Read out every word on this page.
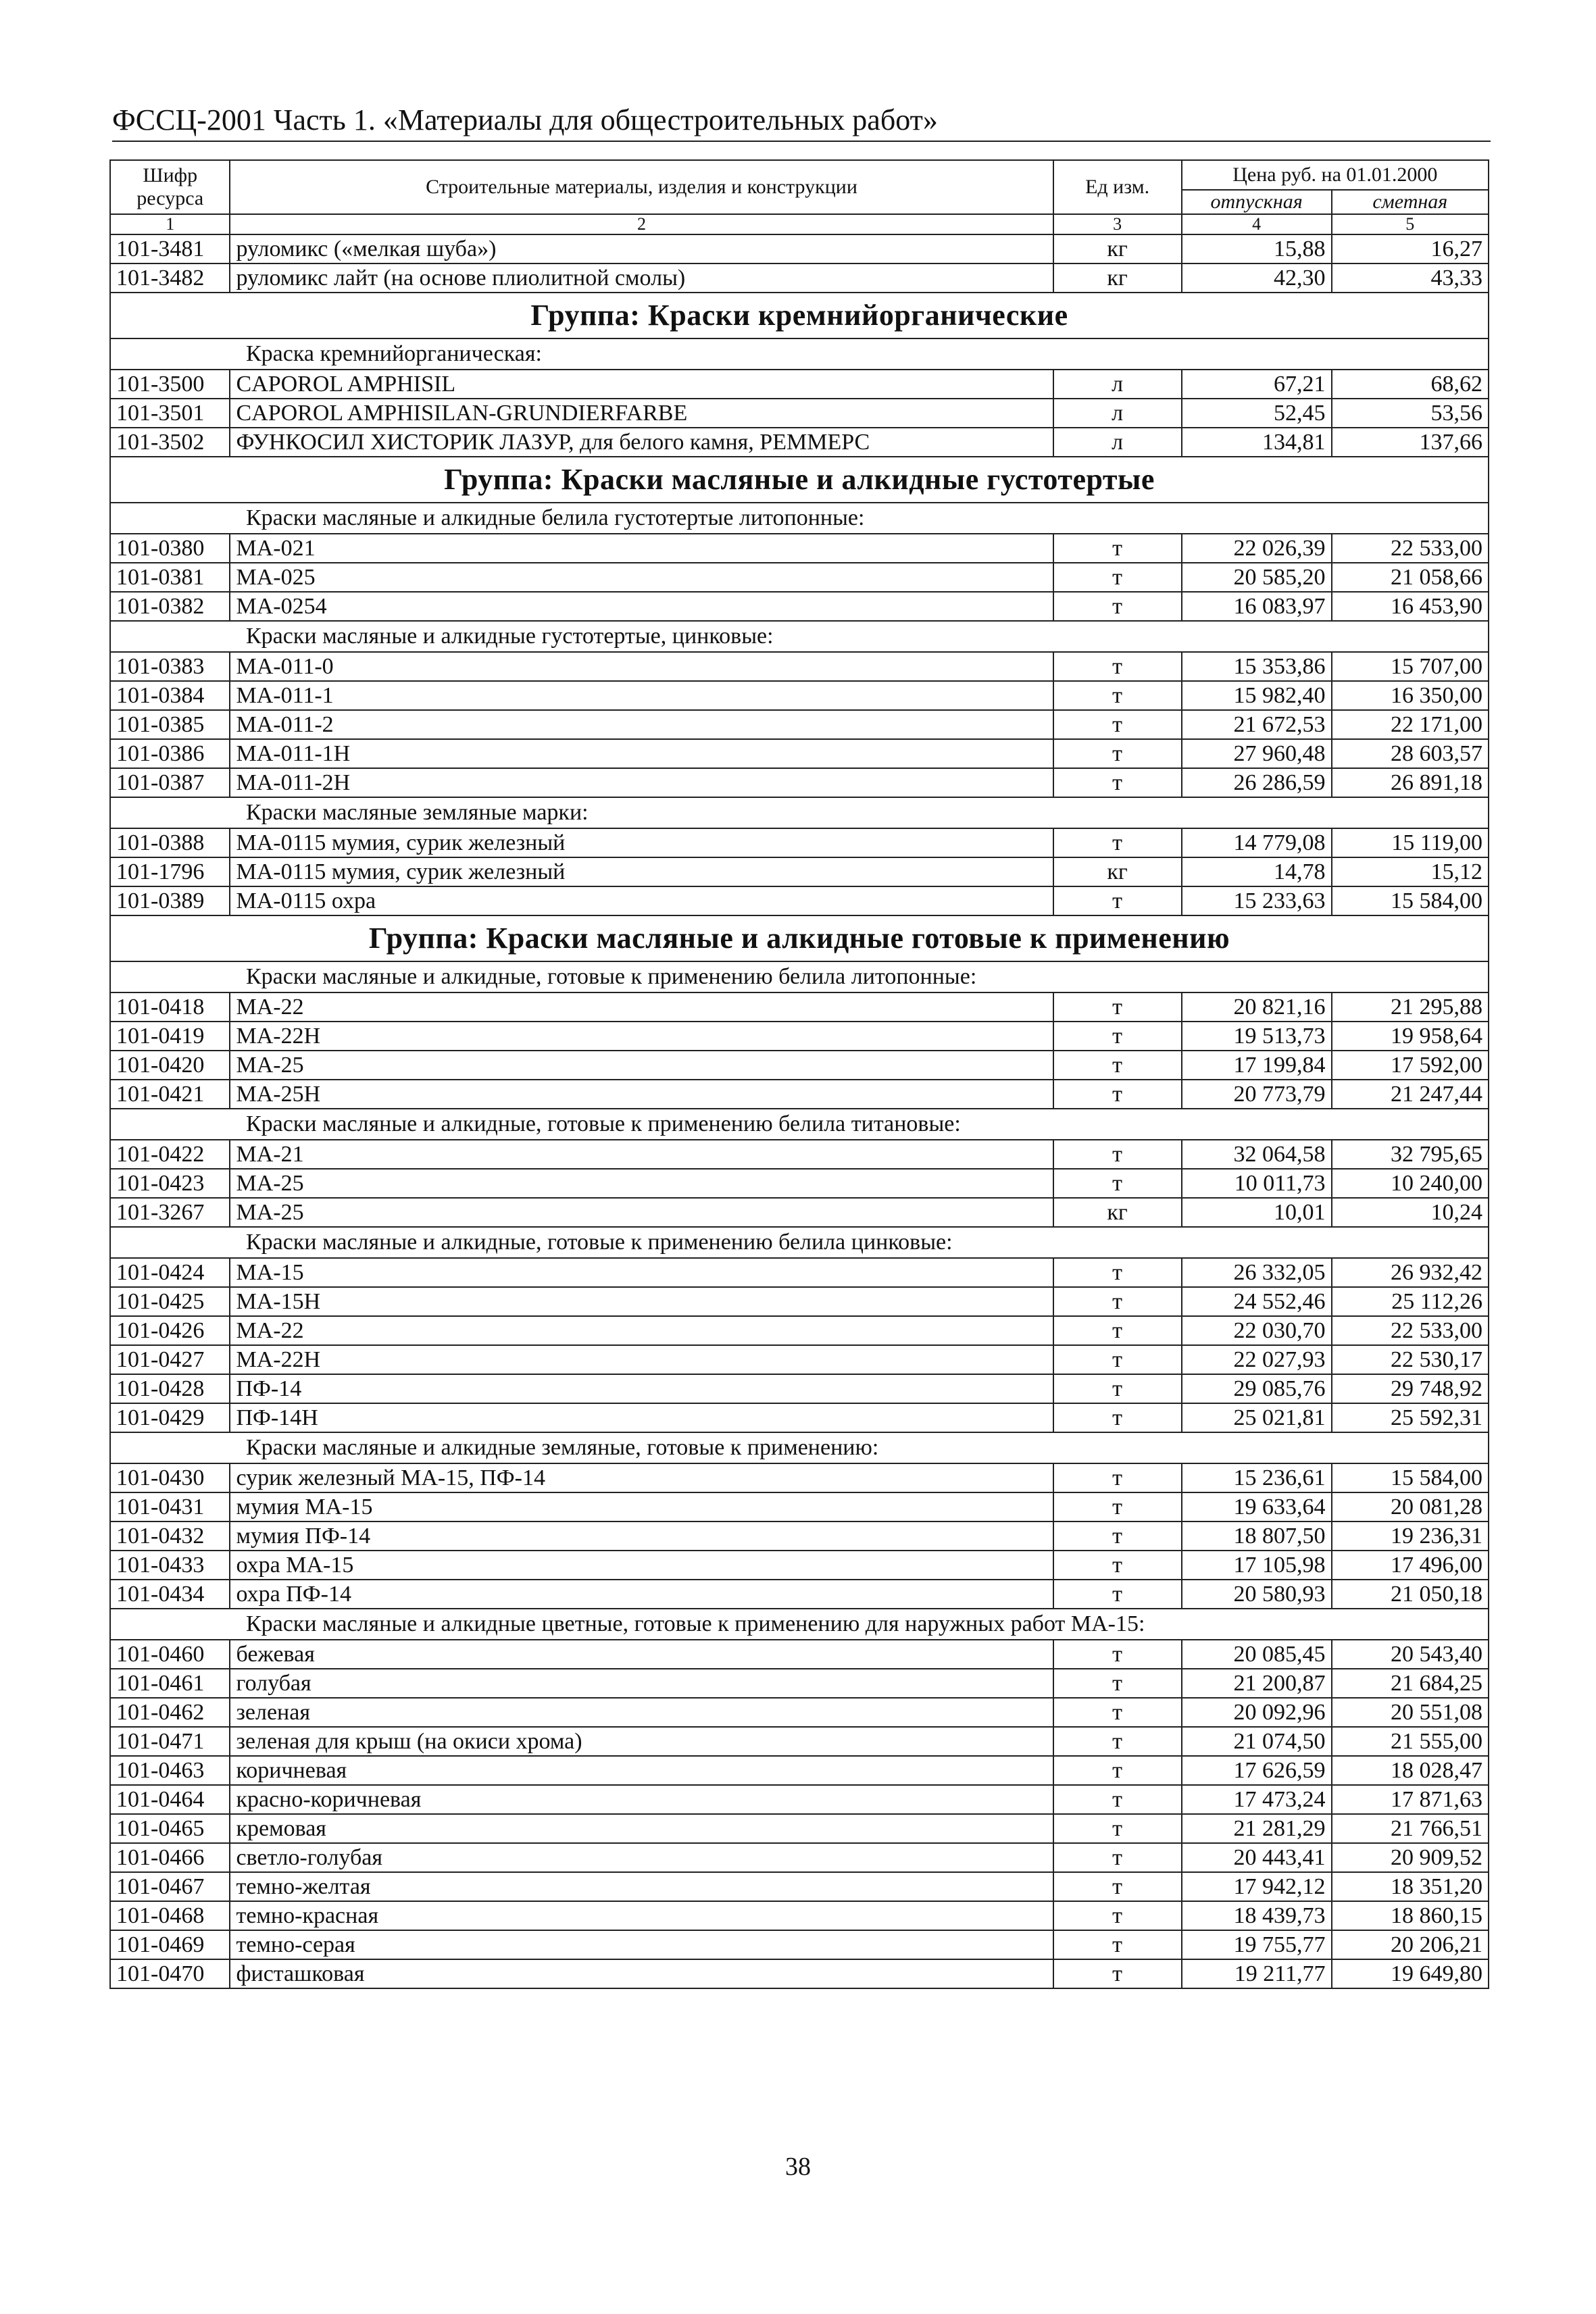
ФССЦ-2001 Часть 1. «Материалы для общестроительных работ»
Шифр ресурса	Строительные материалы, изделия и конструкции	Ед изм.	Цена руб. на 01.01.2000	
			отпускная	сметная
1	2	3	4	5
101-3481	руломикс («мелкая шуба»)	кг	15,88	16,27
101-3482	руломикс лайт (на основе плиолитной смолы)	кг	42,30	43,33
Группа: Краски кремнийорганические				
Краска кремнийорганическая:				
101-3500	CAPOROL AMPHISIL	л	67,21	68,62
101-3501	CAPOROL AMPHISILAN-GRUNDIERFARBE	л	52,45	53,56
101-3502	ФУНКОСИЛ ХИСТОРИК ЛАЗУР, для белого камня, РЕММЕРС	л	134,81	137,66
Группа: Краски масляные и алкидные густотертые				
Краски масляные и алкидные белила густотертые литопонные:				
101-0380	МА-021	т	22 026,39	22 533,00
101-0381	МА-025	т	20 585,20	21 058,66
101-0382	МА-0254	т	16 083,97	16 453,90
Краски масляные и алкидные густотертые, цинковые:				
101-0383	МА-011-0	т	15 353,86	15 707,00
101-0384	МА-011-1	т	15 982,40	16 350,00
101-0385	МА-011-2	т	21 672,53	22 171,00
101-0386	МА-011-1Н	т	27 960,48	28 603,57
101-0387	МА-011-2Н	т	26 286,59	26 891,18
Краски масляные земляные марки:				
101-0388	МА-0115 мумия, сурик железный	т	14 779,08	15 119,00
101-1796	МА-0115 мумия, сурик железный	кг	14,78	15,12
101-0389	МА-0115 охра	т	15 233,63	15 584,00
Группа: Краски масляные и алкидные готовые к применению				
Краски масляные и алкидные, готовые к применению белила литопонные:				
101-0418	МА-22	т	20 821,16	21 295,88
101-0419	МА-22Н	т	19 513,73	19 958,64
101-0420	МА-25	т	17 199,84	17 592,00
101-0421	МА-25Н	т	20 773,79	21 247,44
Краски масляные и алкидные, готовые к применению белила титановые:				
101-0422	МА-21	т	32 064,58	32 795,65
101-0423	МА-25	т	10 011,73	10 240,00
101-3267	МА-25	кг	10,01	10,24
Краски масляные и алкидные, готовые к применению белила цинковые:				
101-0424	МА-15	т	26 332,05	26 932,42
101-0425	МА-15Н	т	24 552,46	25 112,26
101-0426	МА-22	т	22 030,70	22 533,00
101-0427	МА-22Н	т	22 027,93	22 530,17
101-0428	ПФ-14	т	29 085,76	29 748,92
101-0429	ПФ-14Н	т	25 021,81	25 592,31
Краски масляные и алкидные земляные, готовые к применению:				
101-0430	сурик железный МА-15, ПФ-14	т	15 236,61	15 584,00
101-0431	мумия МА-15	т	19 633,64	20 081,28
101-0432	мумия ПФ-14	т	18 807,50	19 236,31
101-0433	охра МА-15	т	17 105,98	17 496,00
101-0434	охра ПФ-14	т	20 580,93	21 050,18
Краски масляные и алкидные цветные, готовые к применению для наружных работ МА-15:				
101-0460	бежевая	т	20 085,45	20 543,40
101-0461	голубая	т	21 200,87	21 684,25
101-0462	зеленая	т	20 092,96	20 551,08
101-0471	зеленая для крыш (на окиси хрома)	т	21 074,50	21 555,00
101-0463	коричневая	т	17 626,59	18 028,47
101-0464	красно-коричневая	т	17 473,24	17 871,63
101-0465	кремовая	т	21 281,29	21 766,51
101-0466	светло-голубая	т	20 443,41	20 909,52
101-0467	темно-желтая	т	17 942,12	18 351,20
101-0468	темно-красная	т	18 439,73	18 860,15
101-0469	темно-серая	т	19 755,77	20 206,21
101-0470	фисташковая	т	19 211,77	19 649,80
38
